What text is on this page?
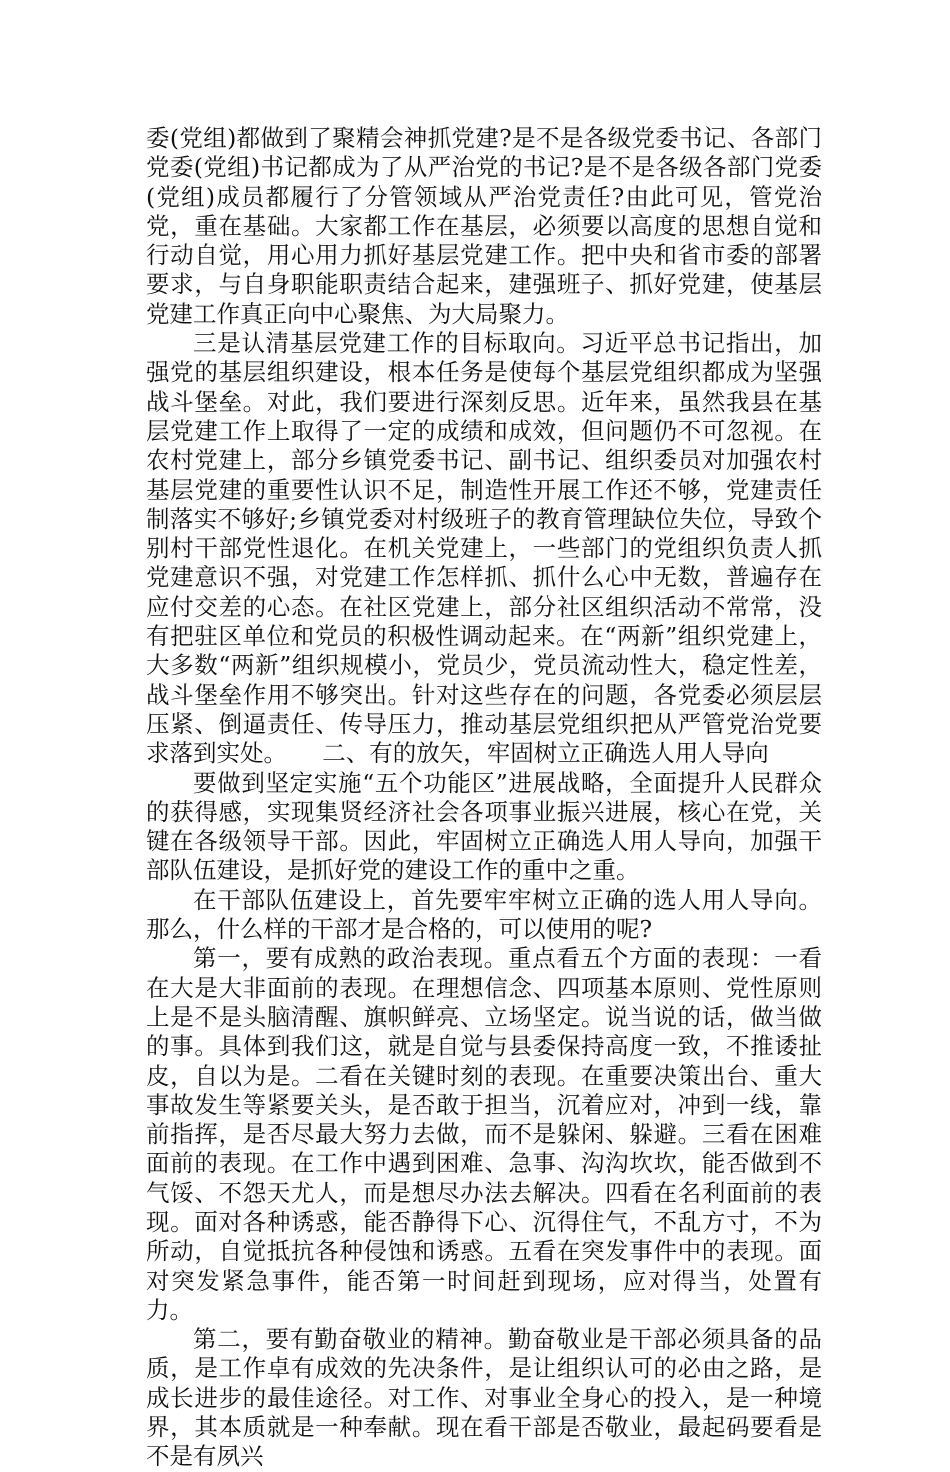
委(党组)都做到了聚精会神抓党建?是不是各级党委书记、各部门党委(党组)书记都成为了从严治党的书记?是不是各级各部门党委(党组)成员都履行了分管领域从严治党责任?由此可见，管党治党，重在基础。大家都工作在基层，必须要以高度的思想自觉和行动自觉，用心用力抓好基层党建工作。把中央和省市委的部署要求，与自身职能职责结合起来，建强班子、抓好党建，使基层党建工作真正向中心聚焦、为大局聚力。

三是认清基层党建工作的目标取向。习近平总书记指出，加强党的基层组织建设，根本任务是使每个基层党组织都成为坚强战斗堡垒。对此，我们要进行深刻反思。近年来，虽然我县在基层党建工作上取得了一定的成绩和成效，但问题仍不可忽视。在农村党建上，部分乡镇党委书记、副书记、组织委员对加强农村基层党建的重要性认识不足，制造性开展工作还不够，党建责任制落实不够好;乡镇党委对村级班子的教育管理缺位失位，导致个别村干部党性退化。在机关党建上，一些部门的党组织负责人抓党建意识不强，对党建工作怎样抓、抓什么心中无数，普遍存在应付交差的心态。在社区党建上，部分社区组织活动不常常，没有把驻区单位和党员的积极性调动起来。在“两新”组织党建上，大多数“两新”组织规模小，党员少，党员流动性大，稳定性差，战斗堡垒作用不够突出。针对这些存在的问题，各党委必须层层压紧、倒逼责任、传导压力，推动基层党组织把从严管党治党要求落到实处。　　二、有的放矢，牢固树立正确选人用人导向

要做到坚定实施“五个功能区”进展战略，全面提升人民群众的获得感，实现集贤经济社会各项事业振兴进展，核心在党，关键在各级领导干部。因此，牢固树立正确选人用人导向，加强干部队伍建设，是抓好党的建设工作的重中之重。

在干部队伍建设上，首先要牢牢树立正确的选人用人导向。那么，什么样的干部才是合格的，可以使用的呢?

第一，要有成熟的政治表现。重点看五个方面的表现：一看在大是大非面前的表现。在理想信念、四项基本原则、党性原则上是不是头脑清醒、旗帜鲜亮、立场坚定。说当说的话，做当做的事。具体到我们这，就是自觉与县委保持高度一致，不推诿扯皮，自以为是。二看在关键时刻的表现。在重要决策出台、重大事故发生等紧要关头，是否敢于担当，沉着应对，冲到一线，靠前指挥，是否尽最大努力去做，而不是躲闲、躲避。三看在困难面前的表现。在工作中遇到困难、急事、沟沟坎坎，能否做到不气馁、不怨天尤人，而是想尽办法去解决。四看在名利面前的表现。面对各种诱惑，能否静得下心、沉得住气，不乱方寸，不为所动，自觉抵抗各种侵蚀和诱惑。五看在突发事件中的表现。面对突发紧急事件，能否第一时间赶到现场，应对得当，处置有力。

第二，要有勤奋敬业的精神。勤奋敬业是干部必须具备的品质，是工作卓有成效的先决条件，是让组织认可的必由之路，是成长进步的最佳途径。对工作、对事业全身心的投入，是一种境界，其本质就是一种奉献。现在看干部是否敬业，最起码要看是不是有夙兴
